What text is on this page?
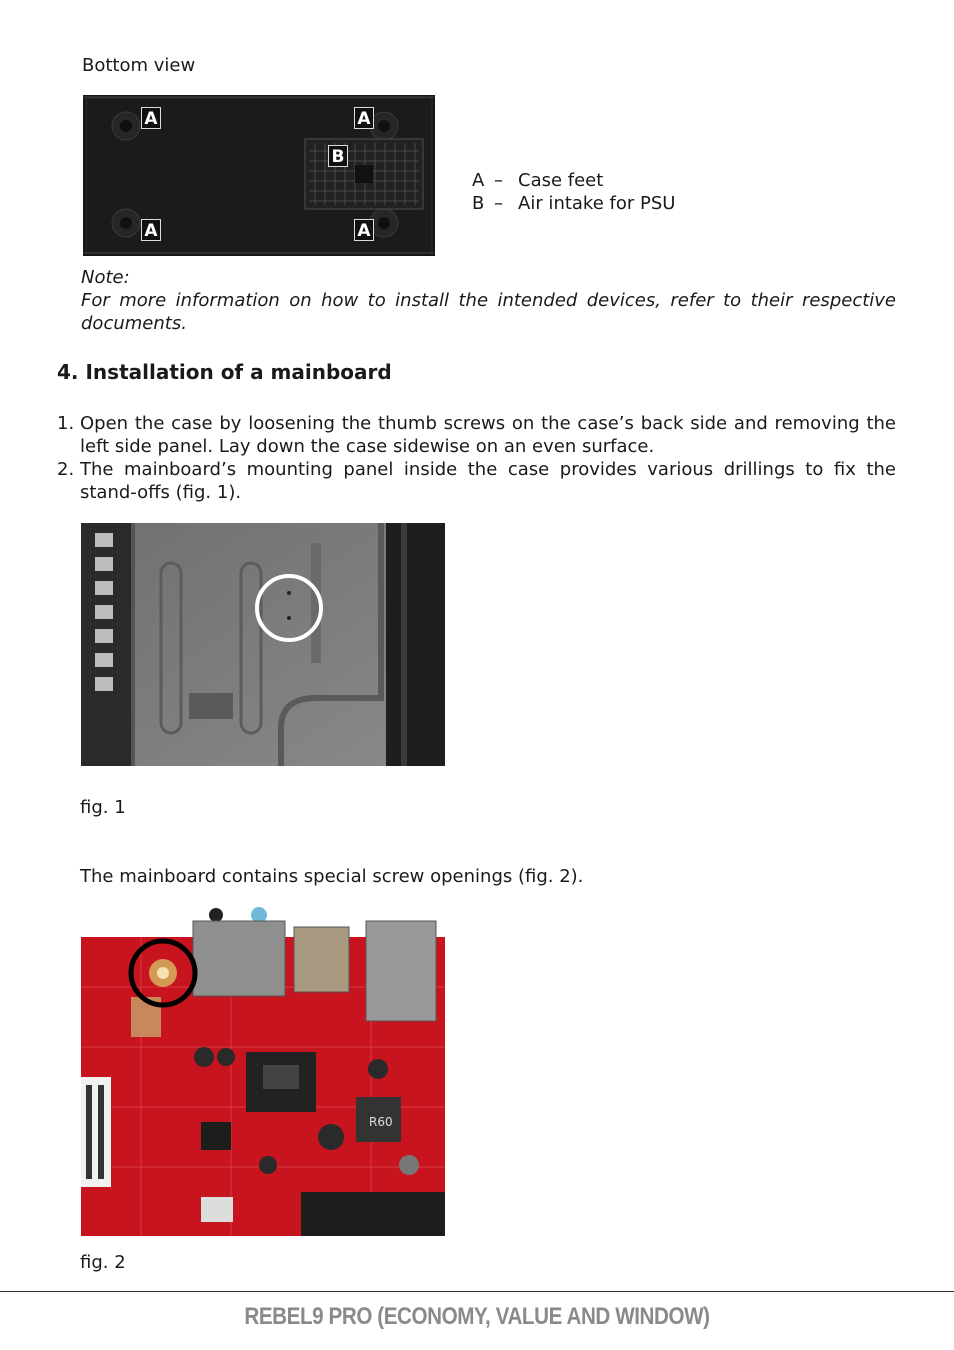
Bottom view
A	A
B
A	A
A – Case feet
B – Air intake for PSU
Note:
For more information on how to install the intended devices, refer to their respective documents.
4. Installation of a mainboard
1. Open the case by loosening the thumb screws on the case’s back side and removing the left side panel. Lay down the case sidewise on an even surface.
2. The mainboard’s mounting panel inside the case provides various drillings to fix the stand-offs (fig. 1).
fig. 1
The mainboard contains special screw openings (fig. 2).
R60
fig. 2
REBEL9 PRO (ECONOMY, VALUE AND WINDOW)
